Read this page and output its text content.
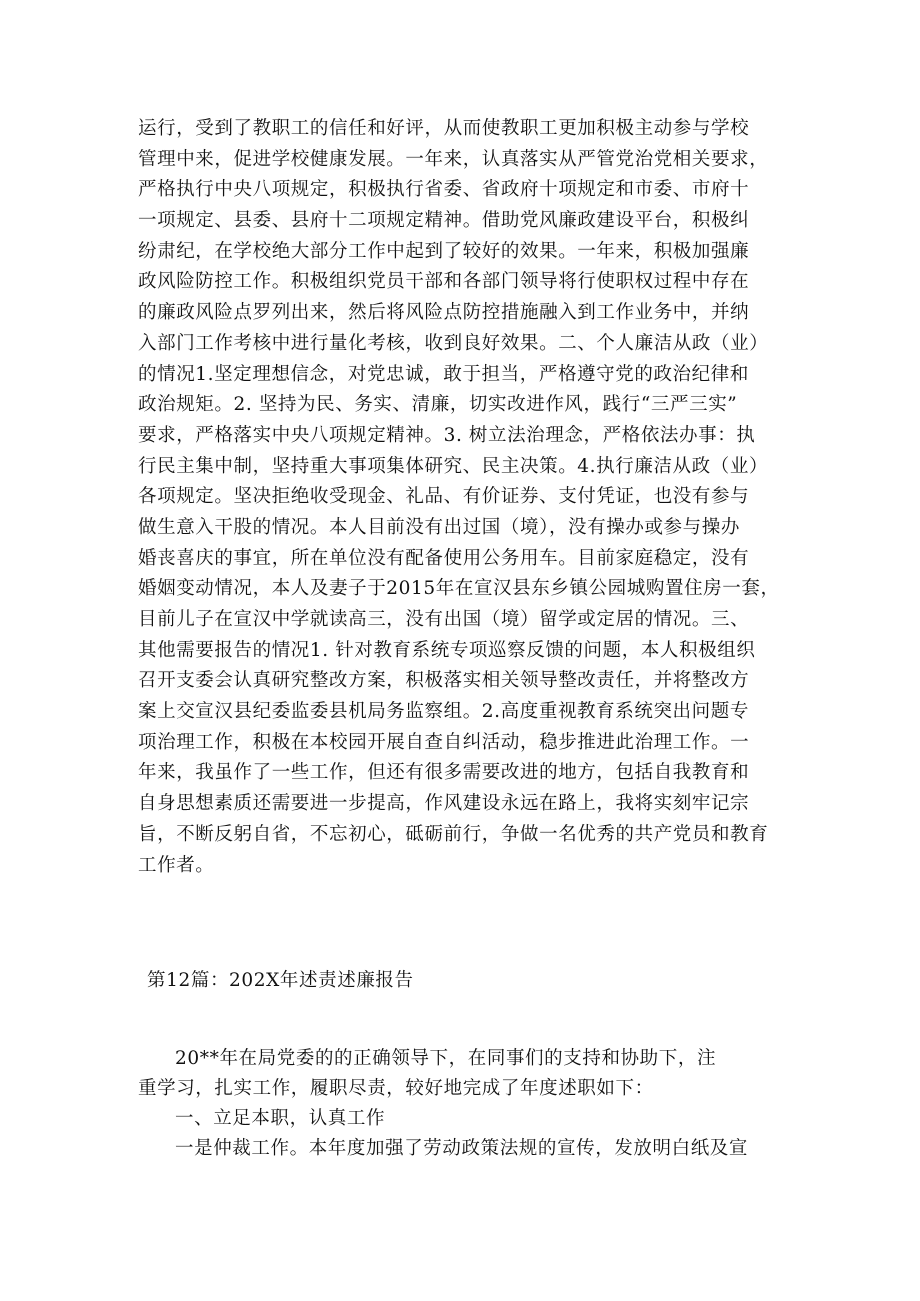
运行，受到了教职工的信任和好评，从而使教职工更加积极主动参与学校
管理中来，促进学校健康发展。一年来，认真落实从严管党治党相关要求，
严格执行中央八项规定，积极执行省委、省政府十项规定和市委、市府十
一项规定、县委、县府十二项规定精神。借助党风廉政建设平台，积极纠
纷肃纪，在学校绝大部分工作中起到了较好的效果。一年来，积极加强廉
政风险防控工作。积极组织党员干部和各部门领导将行使职权过程中存在
的廉政风险点罗列出来，然后将风险点防控措施融入到工作业务中，并纳
入部门工作考核中进行量化考核，收到良好效果。二、个人廉洁从政（业）
的情况1.坚定理想信念，对党忠诚，敢于担当，严格遵守党的政治纪律和
政治规矩。2. 坚持为民、务实、清廉，切实改进作风，践行“三严三实”
要求，严格落实中央八项规定精神。3. 树立法治理念，严格依法办事：执
行民主集中制，坚持重大事项集体研究、民主决策。4.执行廉洁从政（业）
各项规定。坚决拒绝收受现金、礼品、有价证券、支付凭证，也没有参与
做生意入干股的情况。本人目前没有出过国（境），没有操办或参与操办
婚丧喜庆的事宜，所在单位没有配备使用公务用车。目前家庭稳定，没有
婚姻变动情况，本人及妻子于2015年在宣汉县东乡镇公园城购置住房一套，
目前儿子在宣汉中学就读高三，没有出国（境）留学或定居的情况。三、
其他需要报告的情况1. 针对教育系统专项巡察反馈的问题，本人积极组织
召开支委会认真研究整改方案，积极落实相关领导整改责任，并将整改方
案上交宣汉县纪委监委县机局务监察组。2.高度重视教育系统突出问题专
项治理工作，积极在本校园开展自查自纠活动，稳步推进此治理工作。一
年来，我虽作了一些工作，但还有很多需要改进的地方，包括自我教育和
自身思想素质还需要进一步提高，作风建设永远在路上，我将实刻牢记宗
旨，不断反躬自省，不忘初心，砥砺前行，争做一名优秀的共产党员和教育
工作者。
第12篇：202X年述责述廉报告
20**年在局党委的的正确领导下，在同事们的支持和协助下，注
重学习，扎实工作，履职尽责，较好地完成了年度述职如下：
一、立足本职，认真工作
一是仲裁工作。本年度加强了劳动政策法规的宣传，发放明白纸及宣
